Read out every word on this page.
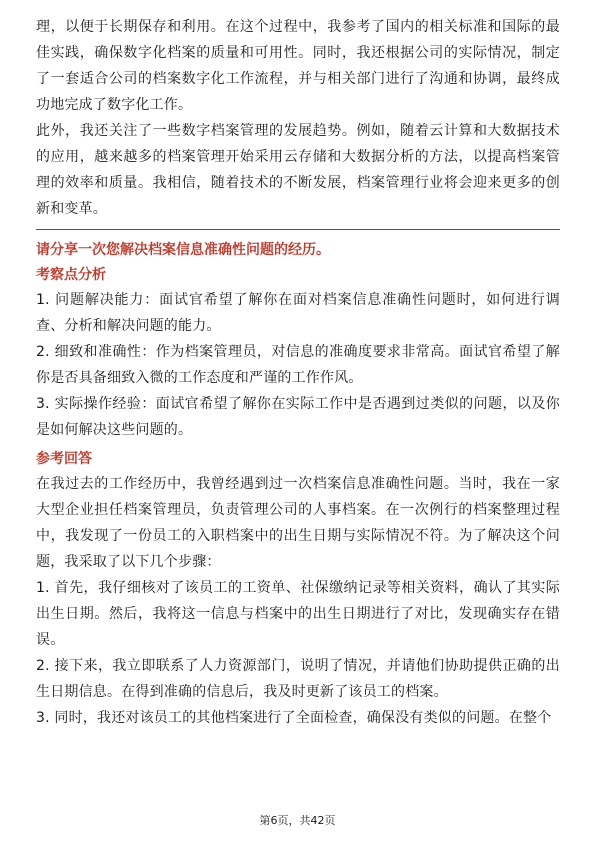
理，以便于长期保存和利用。在这个过程中，我参考了国内的相关标准和国际的最佳实践，确保数字化档案的质量和可用性。同时，我还根据公司的实际情况，制定了一套适合公司的档案数字化工作流程，并与相关部门进行了沟通和协调，最终成功地完成了数字化工作。

此外，我还关注了一些数字档案管理的发展趋势。例如，随着云计算和大数据技术的应用，越来越多的档案管理开始采用云存储和大数据分析的方法，以提高档案管理的效率和质量。我相信，随着技术的不断发展，档案管理行业将会迎来更多的创新和变革。

请分享一次您解决档案信息准确性问题的经历。

考察点分析

1. 问题解决能力：面试官希望了解你在面对档案信息准确性问题时，如何进行调查、分析和解决问题的能力。

2. 细致和准确性：作为档案管理员，对信息的准确度要求非常高。面试官希望了解你是否具备细致入微的工作态度和严谨的工作作风。

3. 实际操作经验：面试官希望了解你在实际工作中是否遇到过类似的问题，以及你是如何解决这些问题的。

参考回答

在我过去的工作经历中，我曾经遇到过一次档案信息准确性问题。当时，我在一家大型企业担任档案管理员，负责管理公司的人事档案。在一次例行的档案整理过程中，我发现了一份员工的入职档案中的出生日期与实际情况不符。为了解决这个问题，我采取了以下几个步骤：

1. 首先，我仔细核对了该员工的工资单、社保缴纳记录等相关资料，确认了其实际出生日期。然后，我将这一信息与档案中的出生日期进行了对比，发现确实存在错误。

2. 接下来，我立即联系了人力资源部门，说明了情况，并请他们协助提供正确的出生日期信息。在得到准确的信息后，我及时更新了该员工的档案。

3. 同时，我还对该员工的其他档案进行了全面检查，确保没有类似的问题。在整个

第6页，共42页
